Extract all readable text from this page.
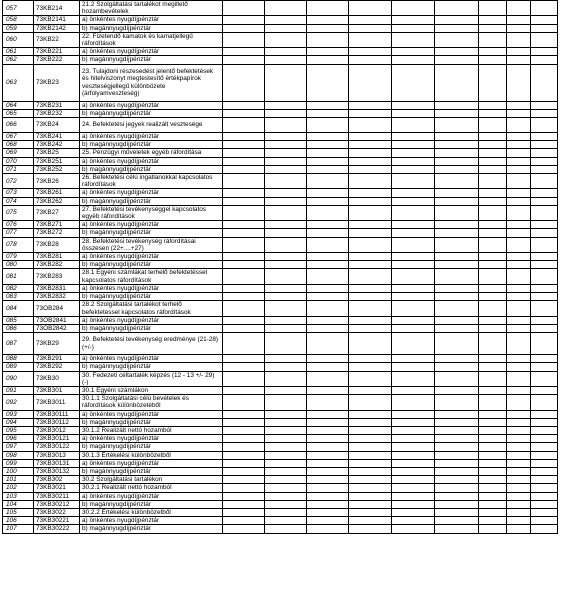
057	73KB214	21.2 Szolgáltatási tartalékot megillető hozambevételek									
058	73KB2141	a) önkéntes nyugdíjpénztár									
059	73KB2142	b) magánnyugdíjpénztár									
060	73KB22	22. Fizetendő kamatok és kamatjellegű ráfordítások									
061	73KB221	a) önkéntes nyugdíjpénztár									
062	73KB222	b) magánnyugdíjpénztár									
063	73KB23	23. Tulajdoni részesedést jelentő befektetések és hitelviszonyt megtestesítő értékpapírok veszteségjellegű különbözete (árfolyamveszteség)									
064	73KB231	a) önkéntes nyugdíjpénztár									
065	73KB232	b) magánnyugdíjpénztár									
066	73KB24	24. Befektetési jegyek realizált vesztesége									
067	73KB241	a) önkéntes nyugdíjpénztár									
068	73KB242	b) magánnyugdíjpénztár									
069	73KB25	25. Pénzügyi műveletek egyéb ráfordítása									
070	73KB251	a) önkéntes nyugdíjpénztár									
071	73KB252	b) magánnyugdíjpénztár									
072	73KB26	26. Befektetési célú ingatlanokkal kapcsolatos ráfordítások									
073	73KB261	a) önkéntes nyugdíjpénztár									
074	73KB262	b) magánnyugdíjpénztár									
075	73KB27	27. Befektetési tevékenységgel kapcsolatos egyéb ráfordítások									
076	73KB271	a) önkéntes nyugdíjpénztár									
077	73KB272	b) magánnyugdíjpénztár									
078	73KB28	28. Befektetési tevékenység ráfordításai összesen (22+....+27)									
079	73KB281	a) önkéntes nyugdíjpénztár									
080	73KB282	b) magánnyugdíjpénztár									
081	73KB283	28.1 Egyéni számlákat terhelő befektetéssel kapcsolatos ráfordítások									
082	73KB2831	a) önkéntes nyugdíjpénztár									
083	73KB2832	b) magánnyugdíjpénztár									
084	73OB284	28.2 Szolgáltatási tartalékot terhelő befektetéssel kapcsolatos ráfordítások									
085	73OB2841	a) önkéntes nyugdíjpénztár									
086	73OB2842	b) magánnyugdíjpénztár									
087	73KB29	29. Befektetési tevékenység eredménye (21-28) (+/-)									
088	73KB291	a) önkéntes nyugdíjpénztár									
089	73KB292	b) magánnyugdíjpénztár									
090	73KB30	30. Fedezeti céltartalék képzés (12 - 13 +/- 29) (-)									
091	73KB301	30.1 Egyéni számlákon									
092	73KB3011	30.1.1 Szolgáltatási célú bevételek és ráfordítások különbözetéből									
093	73KB30111	a) önkéntes nyugdíjpénztár									
094	73KB30112	b) magánnyugdíjpénztár									
095	73KB3012	30.1.2 Realizált nettó hozamból									
096	73KB30121	a) önkéntes nyugdíjpénztár									
097	73KB30122	b) magánnyugdíjpénztár									
098	73KB3013	30.1.3 Értékelési különbözetből									
099	73KB30131	a) önkéntes nyugdíjpénztár									
100	73KB30132	b) magánnyugdíjpénztár									
101	73KB302	30.2 Szolgáltatási tartalékon									
102	73KB3021	30.2.1 Realizált nettó hozamból									
103	73KB30211	a) önkéntes nyugdíjpénztár									
104	73KB30212	b) magánnyugdíjpénztár									
105	73KB3022	30.2.2 Értékelési különbözetből									
106	73KB30221	a) önkéntes nyugdíjpénztár									
107	73KB30222	b) magánnyugdíjpénztár									
